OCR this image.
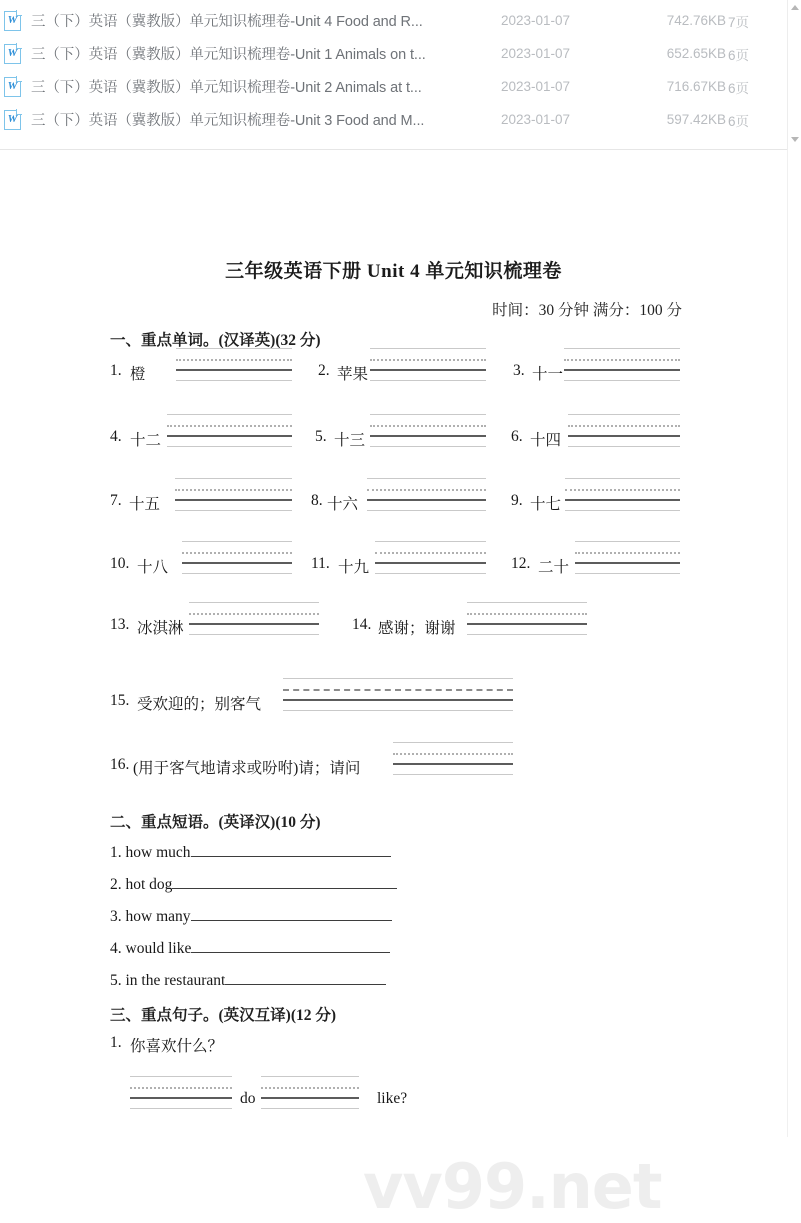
W 三（下）英语（冀教版）单元知识梳理卷-Unit 4 Food and R...	2023-01-07	742.76KB 7页
W 三（下）英语（冀教版）单元知识梳理卷-Unit 1 Animals on t...	2023-01-07	652.65KB 6页
W 三（下）英语（冀教版）单元知识梳理卷-Unit 2 Animals at t...	2023-01-07	716.67KB 6页
W 三（下）英语（冀教版）单元知识梳理卷-Unit 3 Food and M...	2023-01-07	597.42KB 6页
vv99.net
三年级英语下册 Unit 4 单元知识梳理卷
时间：30 分钟 满分：100 分
一、重点单词。(汉译英)(32 分)
1. 橙	2. 苹果	3. 十一
4. 十二	5. 十三	6. 十四
7. 十五	8. 十六	9. 十七
10. 十八	11. 十九	12. 二十
13. 冰淇淋	14. 感谢；谢谢
15. 受欢迎的；别客气
16. (用于客气地请求或吩咐)请；请问
二、重点短语。(英译汉)(10 分)
1. how much
2. hot dog
3. how many
4. would like
5. in the restaurant
三、重点句子。(英汉互译)(12 分)
1. 你喜欢什么？
do	like?
